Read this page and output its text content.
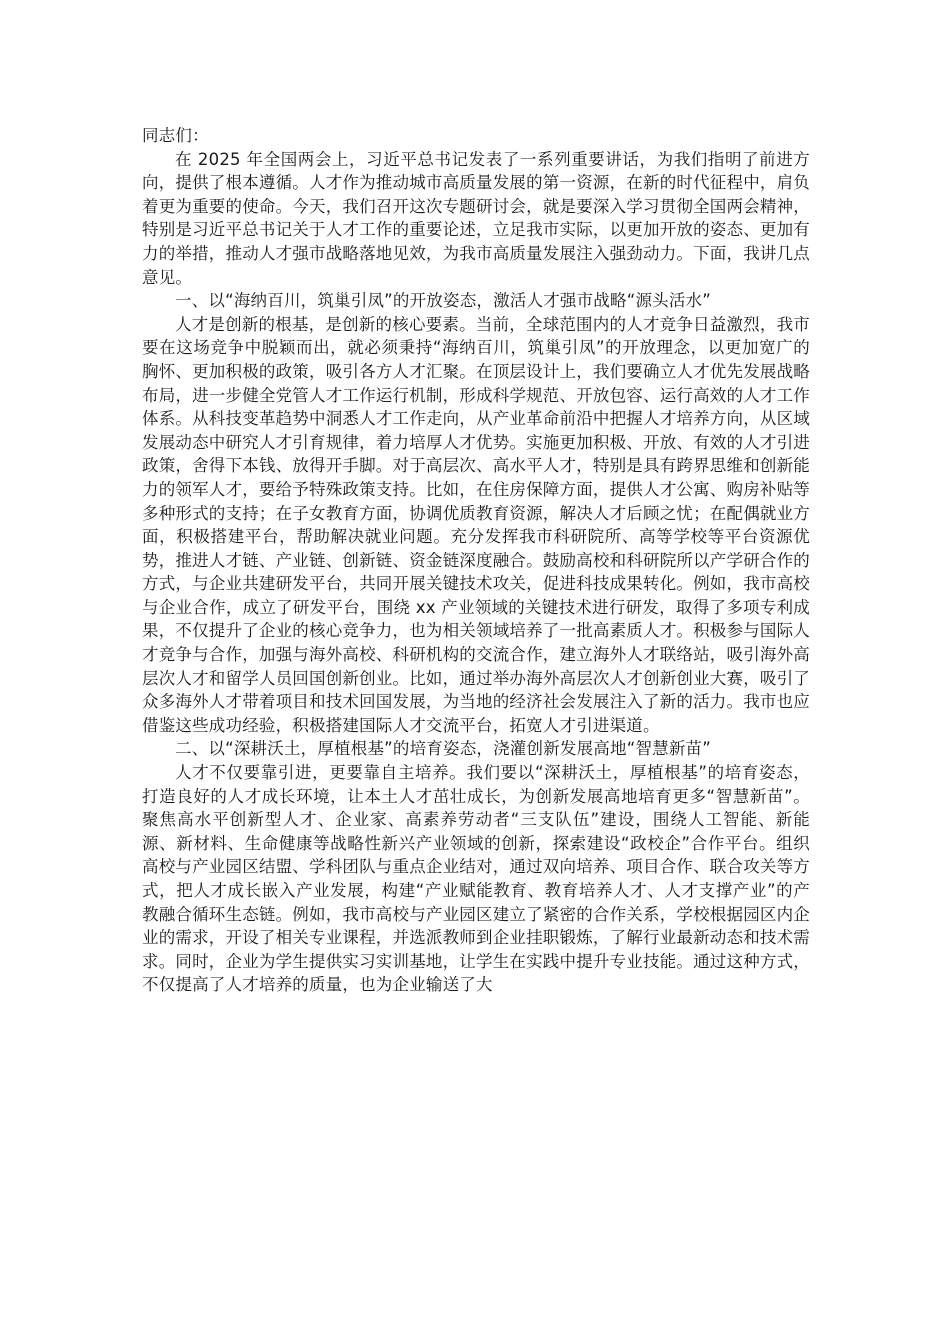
同志们：

在 2025 年全国两会上，习近平总书记发表了一系列重要讲话，为我们指明了前进方向，提供了根本遵循。人才作为推动城市高质量发展的第一资源，在新的时代征程中，肩负着更为重要的使命。今天，我们召开这次专题研讨会，就是要深入学习贯彻全国两会精神，特别是习近平总书记关于人才工作的重要论述，立足我市实际，以更加开放的姿态、更加有力的举措，推动人才强市战略落地见效，为我市高质量发展注入强劲动力。下面，我讲几点意见。

一、以“海纳百川，筑巢引凤”的开放姿态，激活人才强市战略“源头活水”

人才是创新的根基，是创新的核心要素。当前，全球范围内的人才竞争日益激烈，我市要在这场竞争中脱颖而出，就必须秉持“海纳百川，筑巢引凤”的开放理念，以更加宽广的胸怀、更加积极的政策，吸引各方人才汇聚。在顶层设计上，我们要确立人才优先发展战略布局，进一步健全党管人才工作运行机制，形成科学规范、开放包容、运行高效的人才工作体系。从科技变革趋势中洞悉人才工作走向，从产业革命前沿中把握人才培养方向，从区域发展动态中研究人才引育规律，着力培厚人才优势。实施更加积极、开放、有效的人才引进政策，舍得下本钱、放得开手脚。对于高层次、高水平人才，特别是具有跨界思维和创新能力的领军人才，要给予特殊政策支持。比如，在住房保障方面，提供人才公寓、购房补贴等多种形式的支持；在子女教育方面，协调优质教育资源，解决人才后顾之忧；在配偶就业方面，积极搭建平台，帮助解决就业问题。充分发挥我市科研院所、高等学校等平台资源优势，推进人才链、产业链、创新链、资金链深度融合。鼓励高校和科研院所以产学研合作的方式，与企业共建研发平台，共同开展关键技术攻关，促进科技成果转化。例如，我市高校与企业合作，成立了研发平台，围绕 xx 产业领域的关键技术进行研发，取得了多项专利成果，不仅提升了企业的核心竞争力，也为相关领域培养了一批高素质人才。积极参与国际人才竞争与合作，加强与海外高校、科研机构的交流合作，建立海外人才联络站，吸引海外高层次人才和留学人员回国创新创业。比如，通过举办海外高层次人才创新创业大赛，吸引了众多海外人才带着项目和技术回国发展，为当地的经济社会发展注入了新的活力。我市也应借鉴这些成功经验，积极搭建国际人才交流平台，拓宽人才引进渠道。

二、以“深耕沃土，厚植根基”的培育姿态，浇灌创新发展高地“智慧新苗”

人才不仅要靠引进，更要靠自主培养。我们要以“深耕沃土，厚植根基”的培育姿态，打造良好的人才成长环境，让本土人才茁壮成长，为创新发展高地培育更多“智慧新苗”。聚焦高水平创新型人才、企业家、高素养劳动者“三支队伍”建设，围绕人工智能、新能源、新材料、生命健康等战略性新兴产业领域的创新，探索建设“政校企”合作平台。组织高校与产业园区结盟、学科团队与重点企业结对，通过双向培养、项目合作、联合攻关等方式，把人才成长嵌入产业发展，构建“产业赋能教育、教育培养人才、人才支撑产业”的产教融合循环生态链。例如，我市高校与产业园区建立了紧密的合作关系，学校根据园区内企业的需求，开设了相关专业课程，并选派教师到企业挂职锻炼，了解行业最新动态和技术需求。同时，企业为学生提供实习实训基地，让学生在实践中提升专业技能。通过这种方式，不仅提高了人才培养的质量，也为企业输送了大
